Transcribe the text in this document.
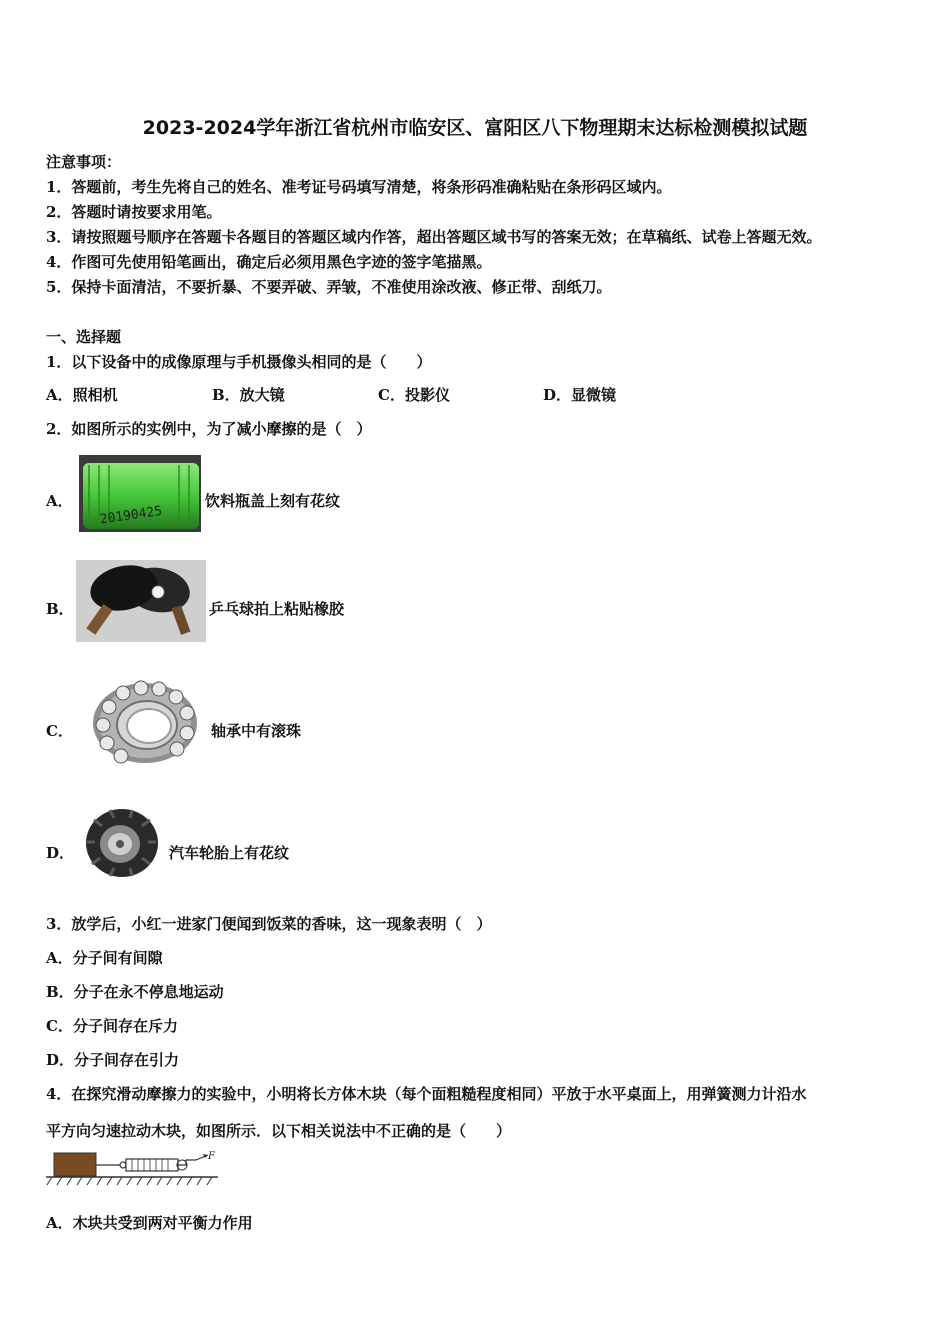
2023-2024学年浙江省杭州市临安区、富阳区八下物理期末达标检测模拟试题
注意事项：
1．答题前，考生先将自己的姓名、准考证号码填写清楚，将条形码准确粘贴在条形码区域内。
2．答题时请按要求用笔。
3．请按照题号顺序在答题卡各题目的答题区域内作答，超出答题区域书写的答案无效；在草稿纸、试卷上答题无效。
4．作图可先使用铅笔画出，确定后必须用黑色字迹的签字笔描黑。
5．保持卡面清洁，不要折暴、不要弄破、弄皱，不准使用涂改液、修正带、刮纸刀。
一、选择题
1．以下设备中的成像原理与手机摄像头相同的是（　　）
A．照相机	B．放大镜	C．投影仪	D．显微镜
2．如图所示的实例中，为了减小摩擦的是（　）
A．
20190425
饮料瓶盖上刻有花纹
B．	乒乓球拍上粘贴橡胶
C．	轴承中有滚珠
D．	汽车轮胎上有花纹
3．放学后，小红一进家门便闻到饭菜的香味，这一现象表明（　）
A．分子间有间隙
B．分子在永不停息地运动
C．分子间存在斥力
D．分子间存在引力
4．在探究滑动摩擦力的实验中，小明将长方体木块（每个面粗糙程度相同）平放于水平桌面上，用弹簧测力计沿水
平方向匀速拉动木块，如图所示．以下相关说法中不正确的是（　　）
F
A．木块共受到两对平衡力作用
